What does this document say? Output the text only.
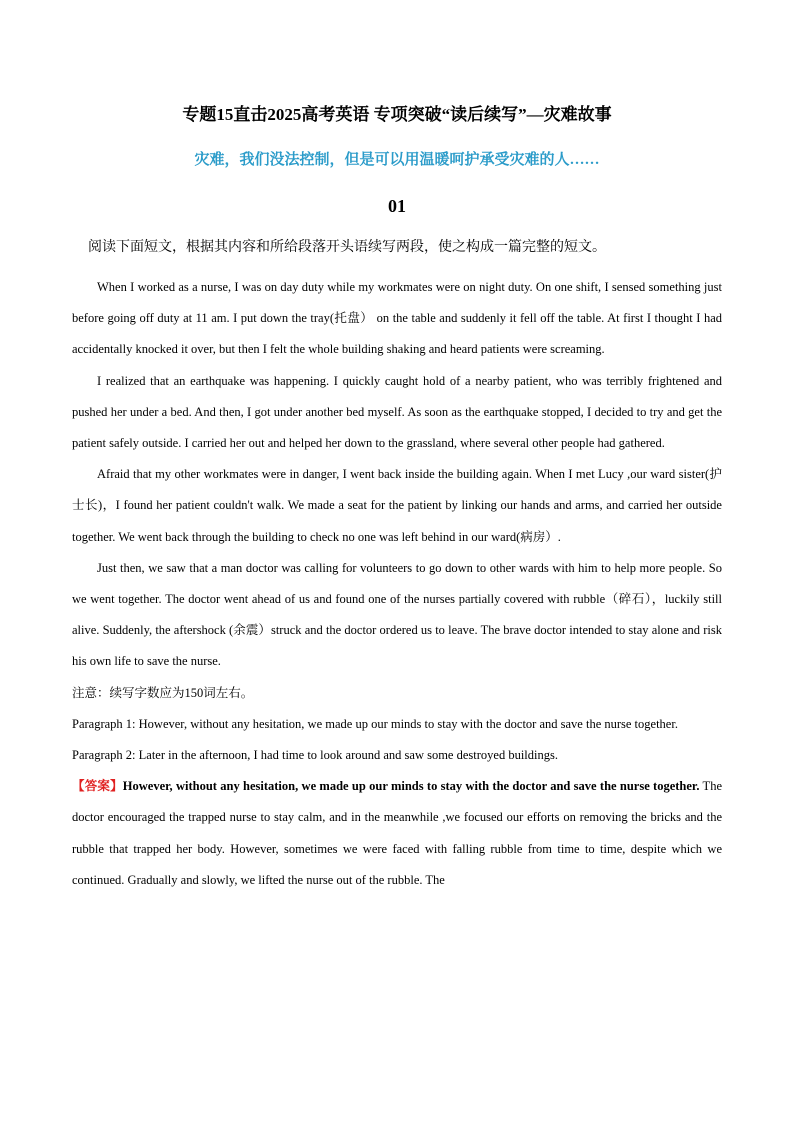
专题15直击2025高考英语 专项突破“读后续写”—灾难故事
灾难，我们没法控制，但是可以用温暖呵护承受灾难的人……
01
阅读下面短文，根据其内容和所给段落开头语续写两段，使之构成一篇完整的短文。

When I worked as a nurse, I was on day duty while my workmates were on night duty. On one shift, I sensed something just before going off duty at 11 am. I put down the tray(托盘） on the table and suddenly it fell off the table. At first I thought I had accidentally knocked it over, but then I felt the whole building shaking and heard patients were screaming.

I realized that an earthquake was happening. I quickly caught hold of a nearby patient, who was terribly frightened and pushed her under a bed. And then, I got under another bed myself. As soon as the earthquake stopped, I decided to try and get the patient safely outside. I carried her out and helped her down to the grassland, where several other people had gathered.

Afraid that my other workmates were in danger, I went back inside the building again. When I met Lucy ,our ward sister(护士长)，I found her patient couldn't walk. We made a seat for the patient by linking our hands and arms, and carried her outside together. We went back through the building to check no one was left behind in our ward(病房）.

Just then, we saw that a man doctor was calling for volunteers to go down to other wards with him to help more people. So we went together. The doctor went ahead of us and found one of the nurses partially covered with rubble（碎石），luckily still alive. Suddenly, the aftershock (余震）struck and the doctor ordered us to leave. The brave doctor intended to stay alone and risk his own life to save the nurse.

注意：续写字数应为150词左右。

Paragraph 1: However, without any hesitation, we made up our minds to stay with the doctor and save the nurse together.

Paragraph 2: Later in the afternoon, I had time to look around and saw some destroyed buildings.

【答案】However, without any hesitation, we made up our minds to stay with the doctor and save the nurse together. The doctor encouraged the trapped nurse to stay calm, and in the meanwhile ,we focused our efforts on removing the bricks and the rubble that trapped her body. However, sometimes we were faced with falling rubble from time to time, despite which we continued. Gradually and slowly, we lifted the nurse out of the rubble. The
